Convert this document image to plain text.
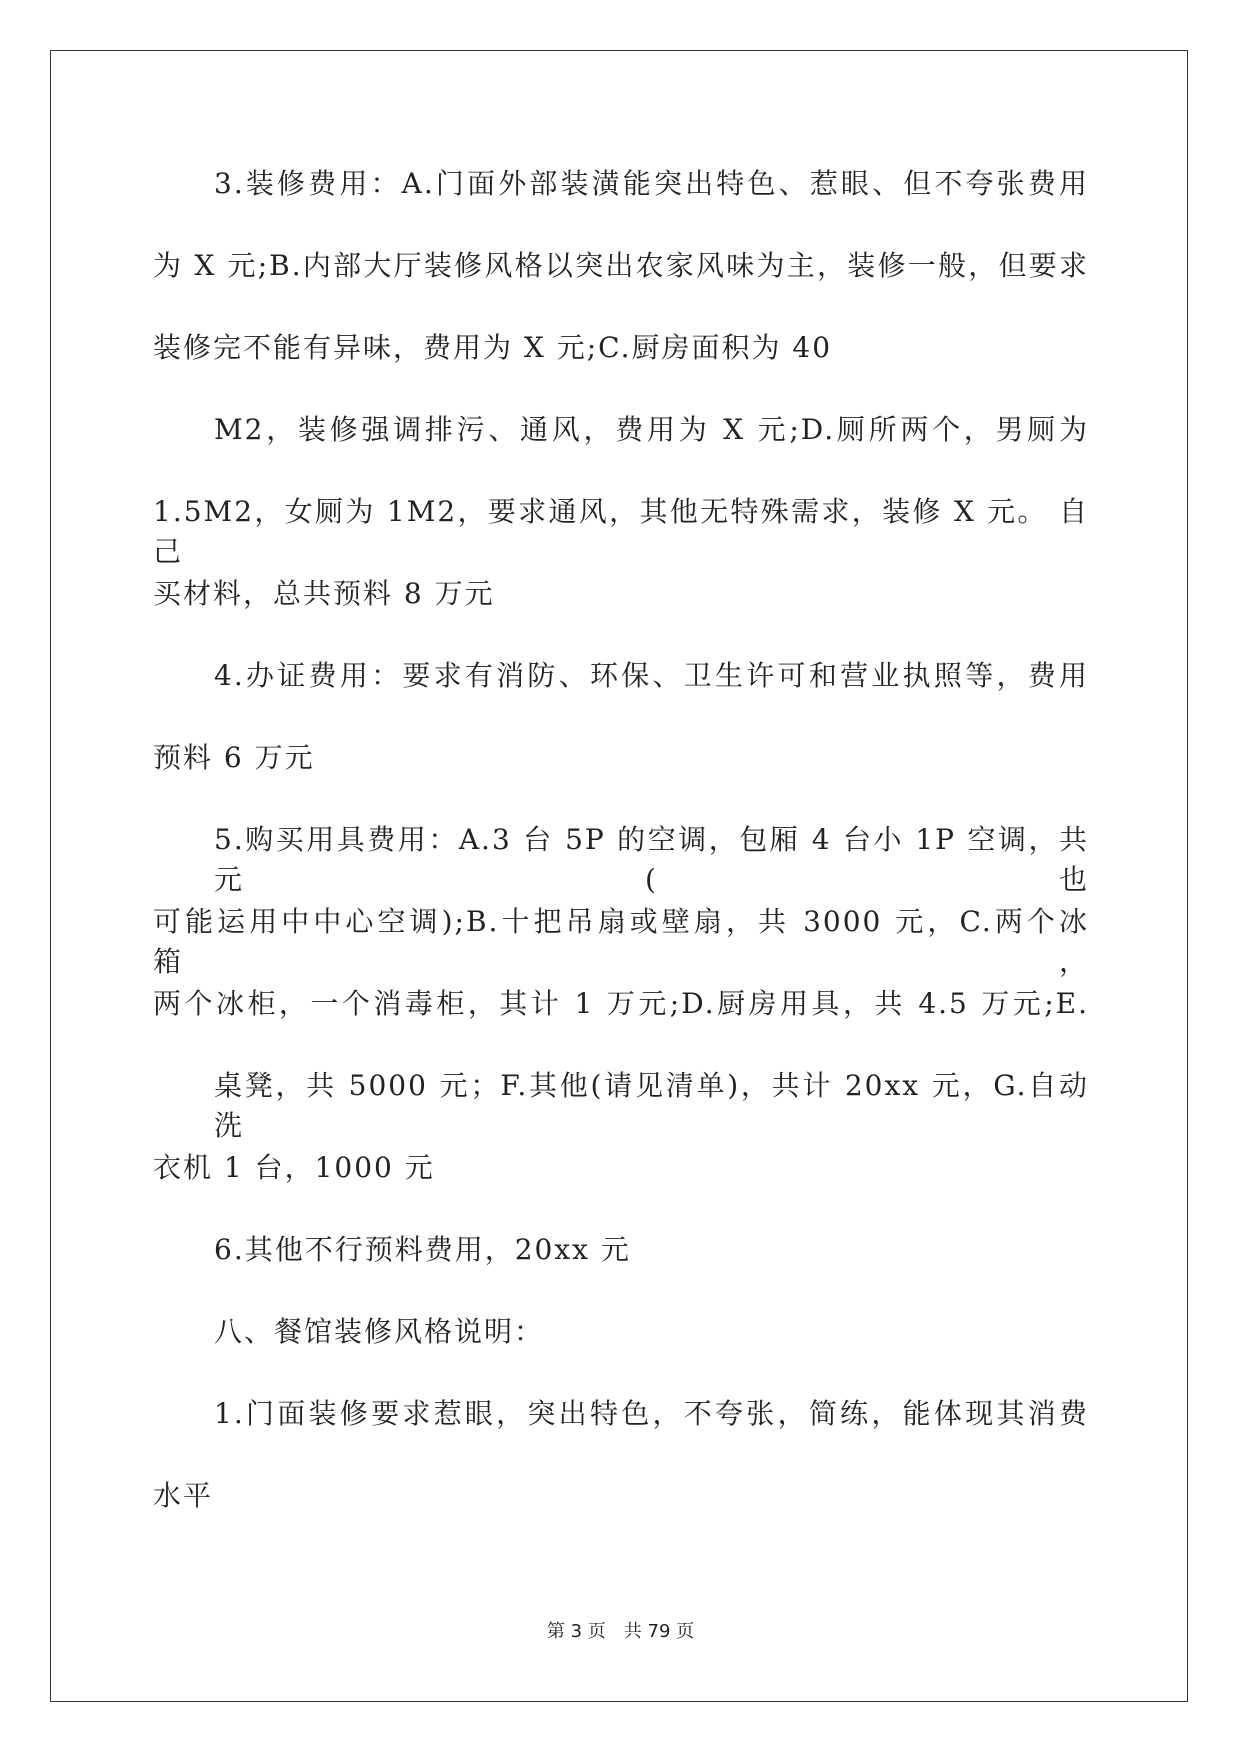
3.装修费用：A.门面外部装潢能突出特色、惹眼、但不夸张费用
为 X 元;B.内部大厅装修风格以突出农家风味为主，装修一般，但要求
装修完不能有异味，费用为 X 元;C.厨房面积为 40
M2，装修强调排污、通风，费用为 X 元;D.厕所两个，男厕为
1.5M2，女厕为 1M2，要求通风，其他无特殊需求，装修 X 元。 自己
买材料，总共预料 8 万元
4.办证费用：要求有消防、环保、卫生许可和营业执照等，费用
预料 6 万元
5.购买用具费用：A.3 台 5P 的空调，包厢 4 台小 1P 空调，共元(也
可能运用中中心空调);B.十把吊扇或壁扇，共 3000 元，C.两个冰箱，
两个冰柜，一个消毒柜，其计 1 万元;D.厨房用具，共 4.5 万元;E.
桌凳，共 5000 元；F.其他(请见清单)，共计 20xx 元，G.自动洗
衣机 1 台，1000 元
6.其他不行预料费用，20xx 元
八、餐馆装修风格说明：
1.门面装修要求惹眼，突出特色，不夸张，简练，能体现其消费
水平
第 3 页 共 79 页
